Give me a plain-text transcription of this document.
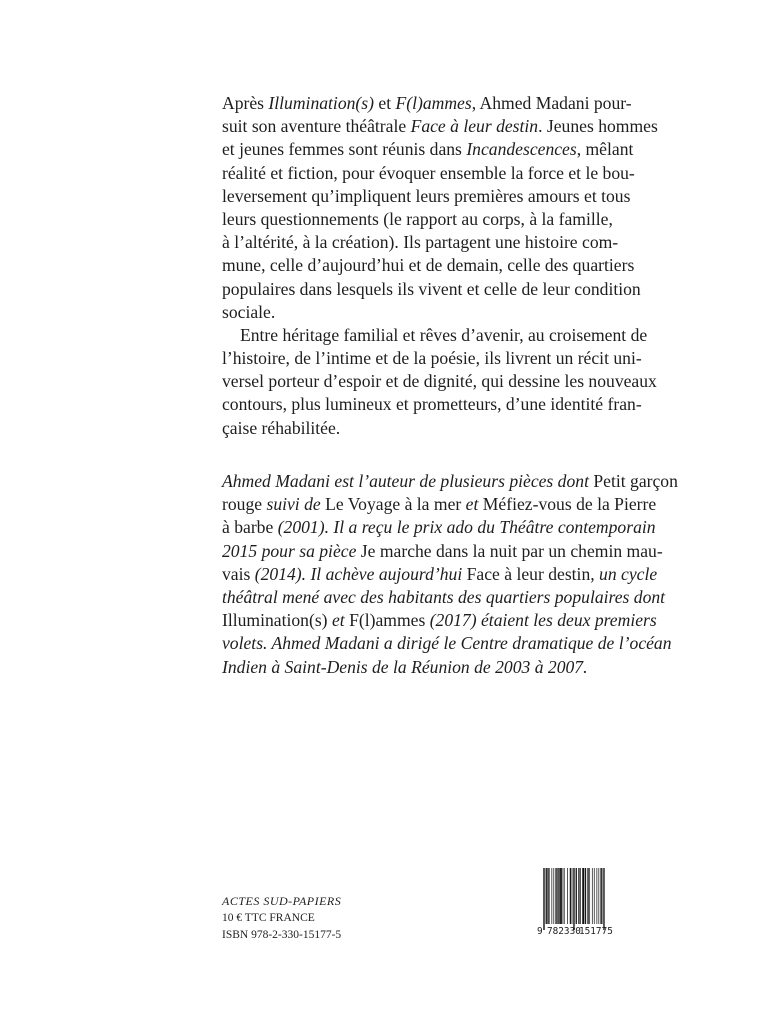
Après Illumination(s) et F(l)ammes, Ahmed Madani pour-
suit son aventure théâtrale Face à leur destin. Jeunes hommes
et jeunes femmes sont réunis dans Incandescences, mêlant
réalité et fiction, pour évoquer ensemble la force et le bou-
leversement qu’impliquent leurs premières amours et tous
leurs questionnements (le rapport au corps, à la famille,
à l’altérité, à la création). Ils partagent une histoire com-
mune, celle d’aujourd’hui et de demain, celle des quartiers
populaires dans lesquels ils vivent et celle de leur condition
sociale.
Entre héritage familial et rêves d’avenir, au croisement de
l’histoire, de l’intime et de la poésie, ils livrent un récit uni-
versel porteur d’espoir et de dignité, qui dessine les nouveaux
contours, plus lumineux et prometteurs, d’une identité fran-
çaise réhabilitée.
Ahmed Madani est l’auteur de plusieurs pièces dont Petit garçon
rouge suivi de Le Voyage à la mer et Méfiez-vous de la Pierre
à barbe (2001). Il a reçu le prix ado du Théâtre contemporain
2015 pour sa pièce Je marche dans la nuit par un chemin mau-
vais (2014). Il achève aujourd’hui Face à leur destin, un cycle
théâtral mené avec des habitants des quartiers populaires dont
Illumination(s) et F(l)ammes (2017) étaient les deux premiers
volets. Ahmed Madani a dirigé le Centre dramatique de l’océan
Indien à Saint-Denis de la Réunion de 2003 à 2007.
ACTES SUD-PAPIERS
10 € TTC FRANCE
ISBN 978-2-330-15177-5	9 782330
151775
